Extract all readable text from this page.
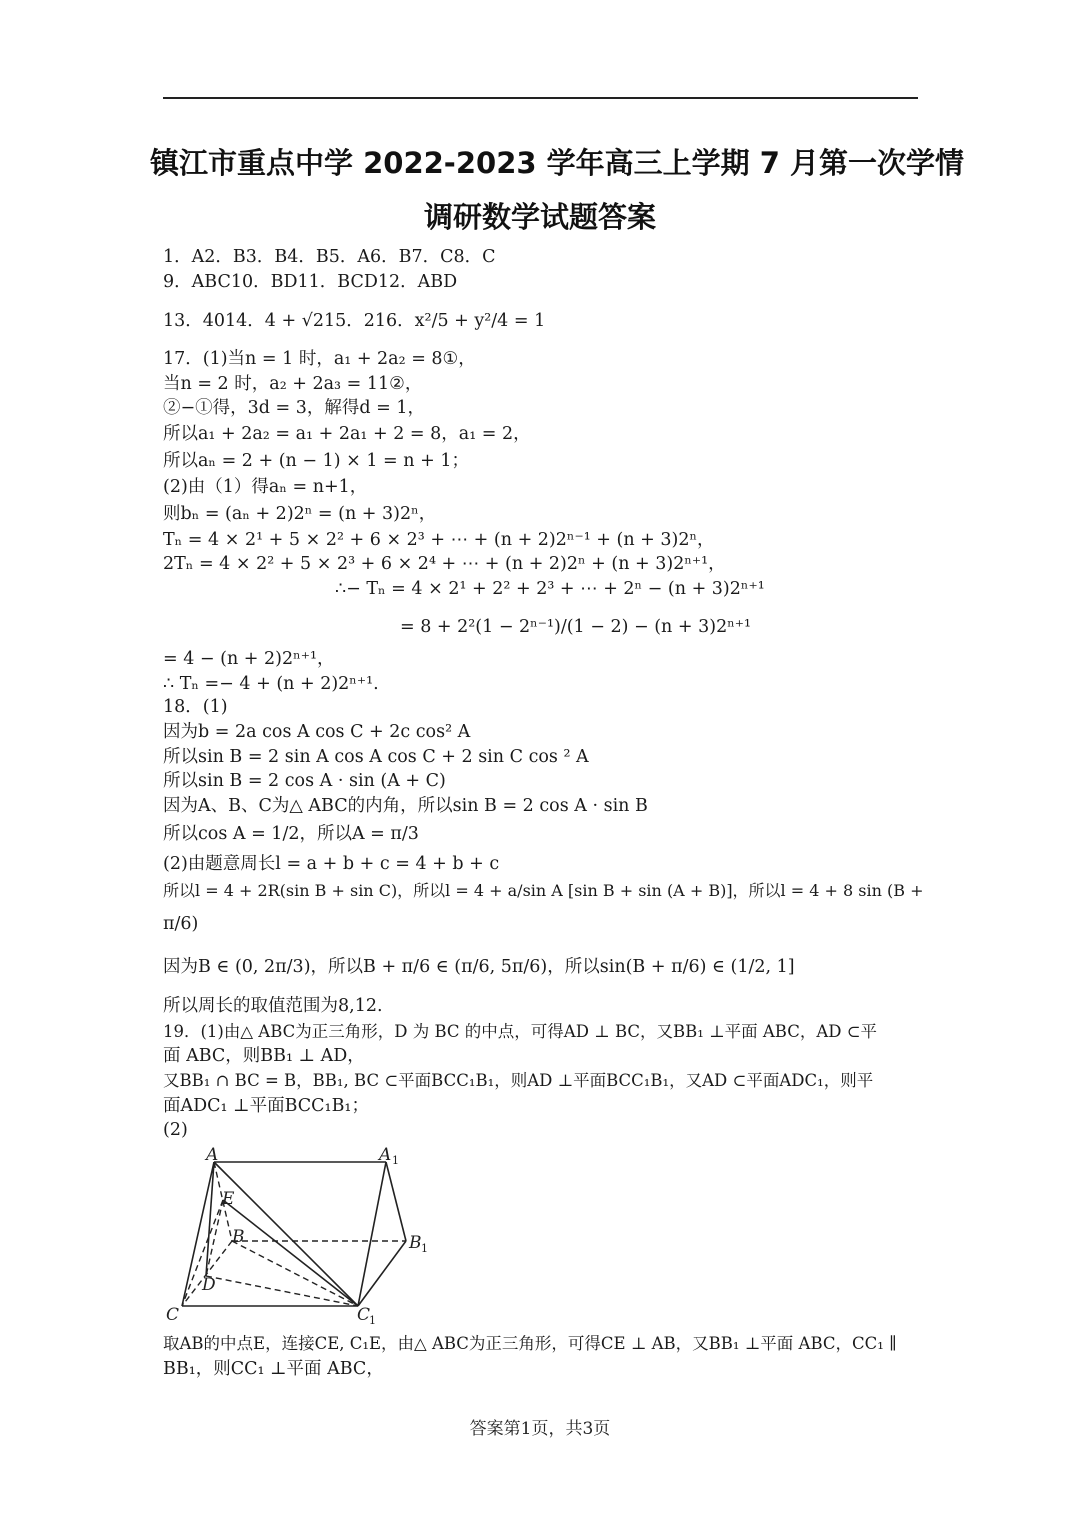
镇江市重点中学 2022-2023 学年高三上学期 7 月第一次学情
调研数学试题答案
1．A2．B3．B4．B5．A6．B7．C8．C
9．ABC10．BD11．BCD12．ABD
13．4014．4 + √215．216．x²/5 + y²/4 = 1
17．(1)当n = 1 时，a₁ + 2a₂ = 8①，
当n = 2 时，a₂ + 2a₃ = 11②，
②−①得，3d = 3，解得d = 1，
所以a₁ + 2a₂ = a₁ + 2a₁ + 2 = 8，a₁ = 2，
所以aₙ = 2 + (n − 1) × 1 = n + 1；
(2)由（1）得aₙ = n+1，
则bₙ = (aₙ + 2)2ⁿ = (n + 3)2ⁿ，
Tₙ = 4 × 2¹ + 5 × 2² + 6 × 2³ + ⋯ + (n + 2)2ⁿ⁻¹ + (n + 3)2ⁿ，
2Tₙ = 4 × 2² + 5 × 2³ + 6 × 2⁴ + ⋯ + (n + 2)2ⁿ + (n + 3)2ⁿ⁺¹，
∴− Tₙ = 4 × 2¹ + 2² + 2³ + ⋯ + 2ⁿ − (n + 3)2ⁿ⁺¹
= 8 + 2²(1 − 2ⁿ⁻¹)/(1 − 2) − (n + 3)2ⁿ⁺¹
= 4 − (n + 2)2ⁿ⁺¹，
∴ Tₙ =− 4 + (n + 2)2ⁿ⁺¹.
18．(1)
因为b = 2a cos A cos C + 2c cos² A
所以sin B = 2 sin A cos A cos C + 2 sin C cos ² A
所以sin B = 2 cos A · sin (A + C)
因为A、B、C为△ ABC的内角，所以sin B = 2 cos A · sin B
所以cos A = 1/2，所以A = π/3
(2)由题意周长l = a + b + c = 4 + b + c
所以l = 4 + 2R(sin B + sin C)，所以l = 4 + a/sin A [sin B + sin (A + B)]，所以l = 4 + 8 sin (B +
π/6)
因为B ∈ (0, 2π/3)，所以B + π/6 ∈ (π/6, 5π/6)，所以sin(B + π/6) ∈ (1/2, 1]
所以周长的取值范围为8,12.
19．(1)由△ ABC为正三角形，D 为 BC 的中点，可得AD ⊥ BC，又BB₁ ⊥平面 ABC，AD ⊂平
面 ABC，则BB₁ ⊥ AD，
又BB₁ ∩ BC = B，BB₁, BC ⊂平面BCC₁B₁，则AD ⊥平面BCC₁B₁，又AD ⊂平面ADC₁，则平
面ADC₁ ⊥平面BCC₁B₁；
(2)
A	A 1
E
B	B 1
D
C	C
1
取AB的中点E，连接CE, C₁E，由△ ABC为正三角形，可得CE ⊥ AB，又BB₁ ⊥平面 ABC，CC₁ ∥
BB₁，则CC₁ ⊥平面 ABC，
答案第1页，共3页
